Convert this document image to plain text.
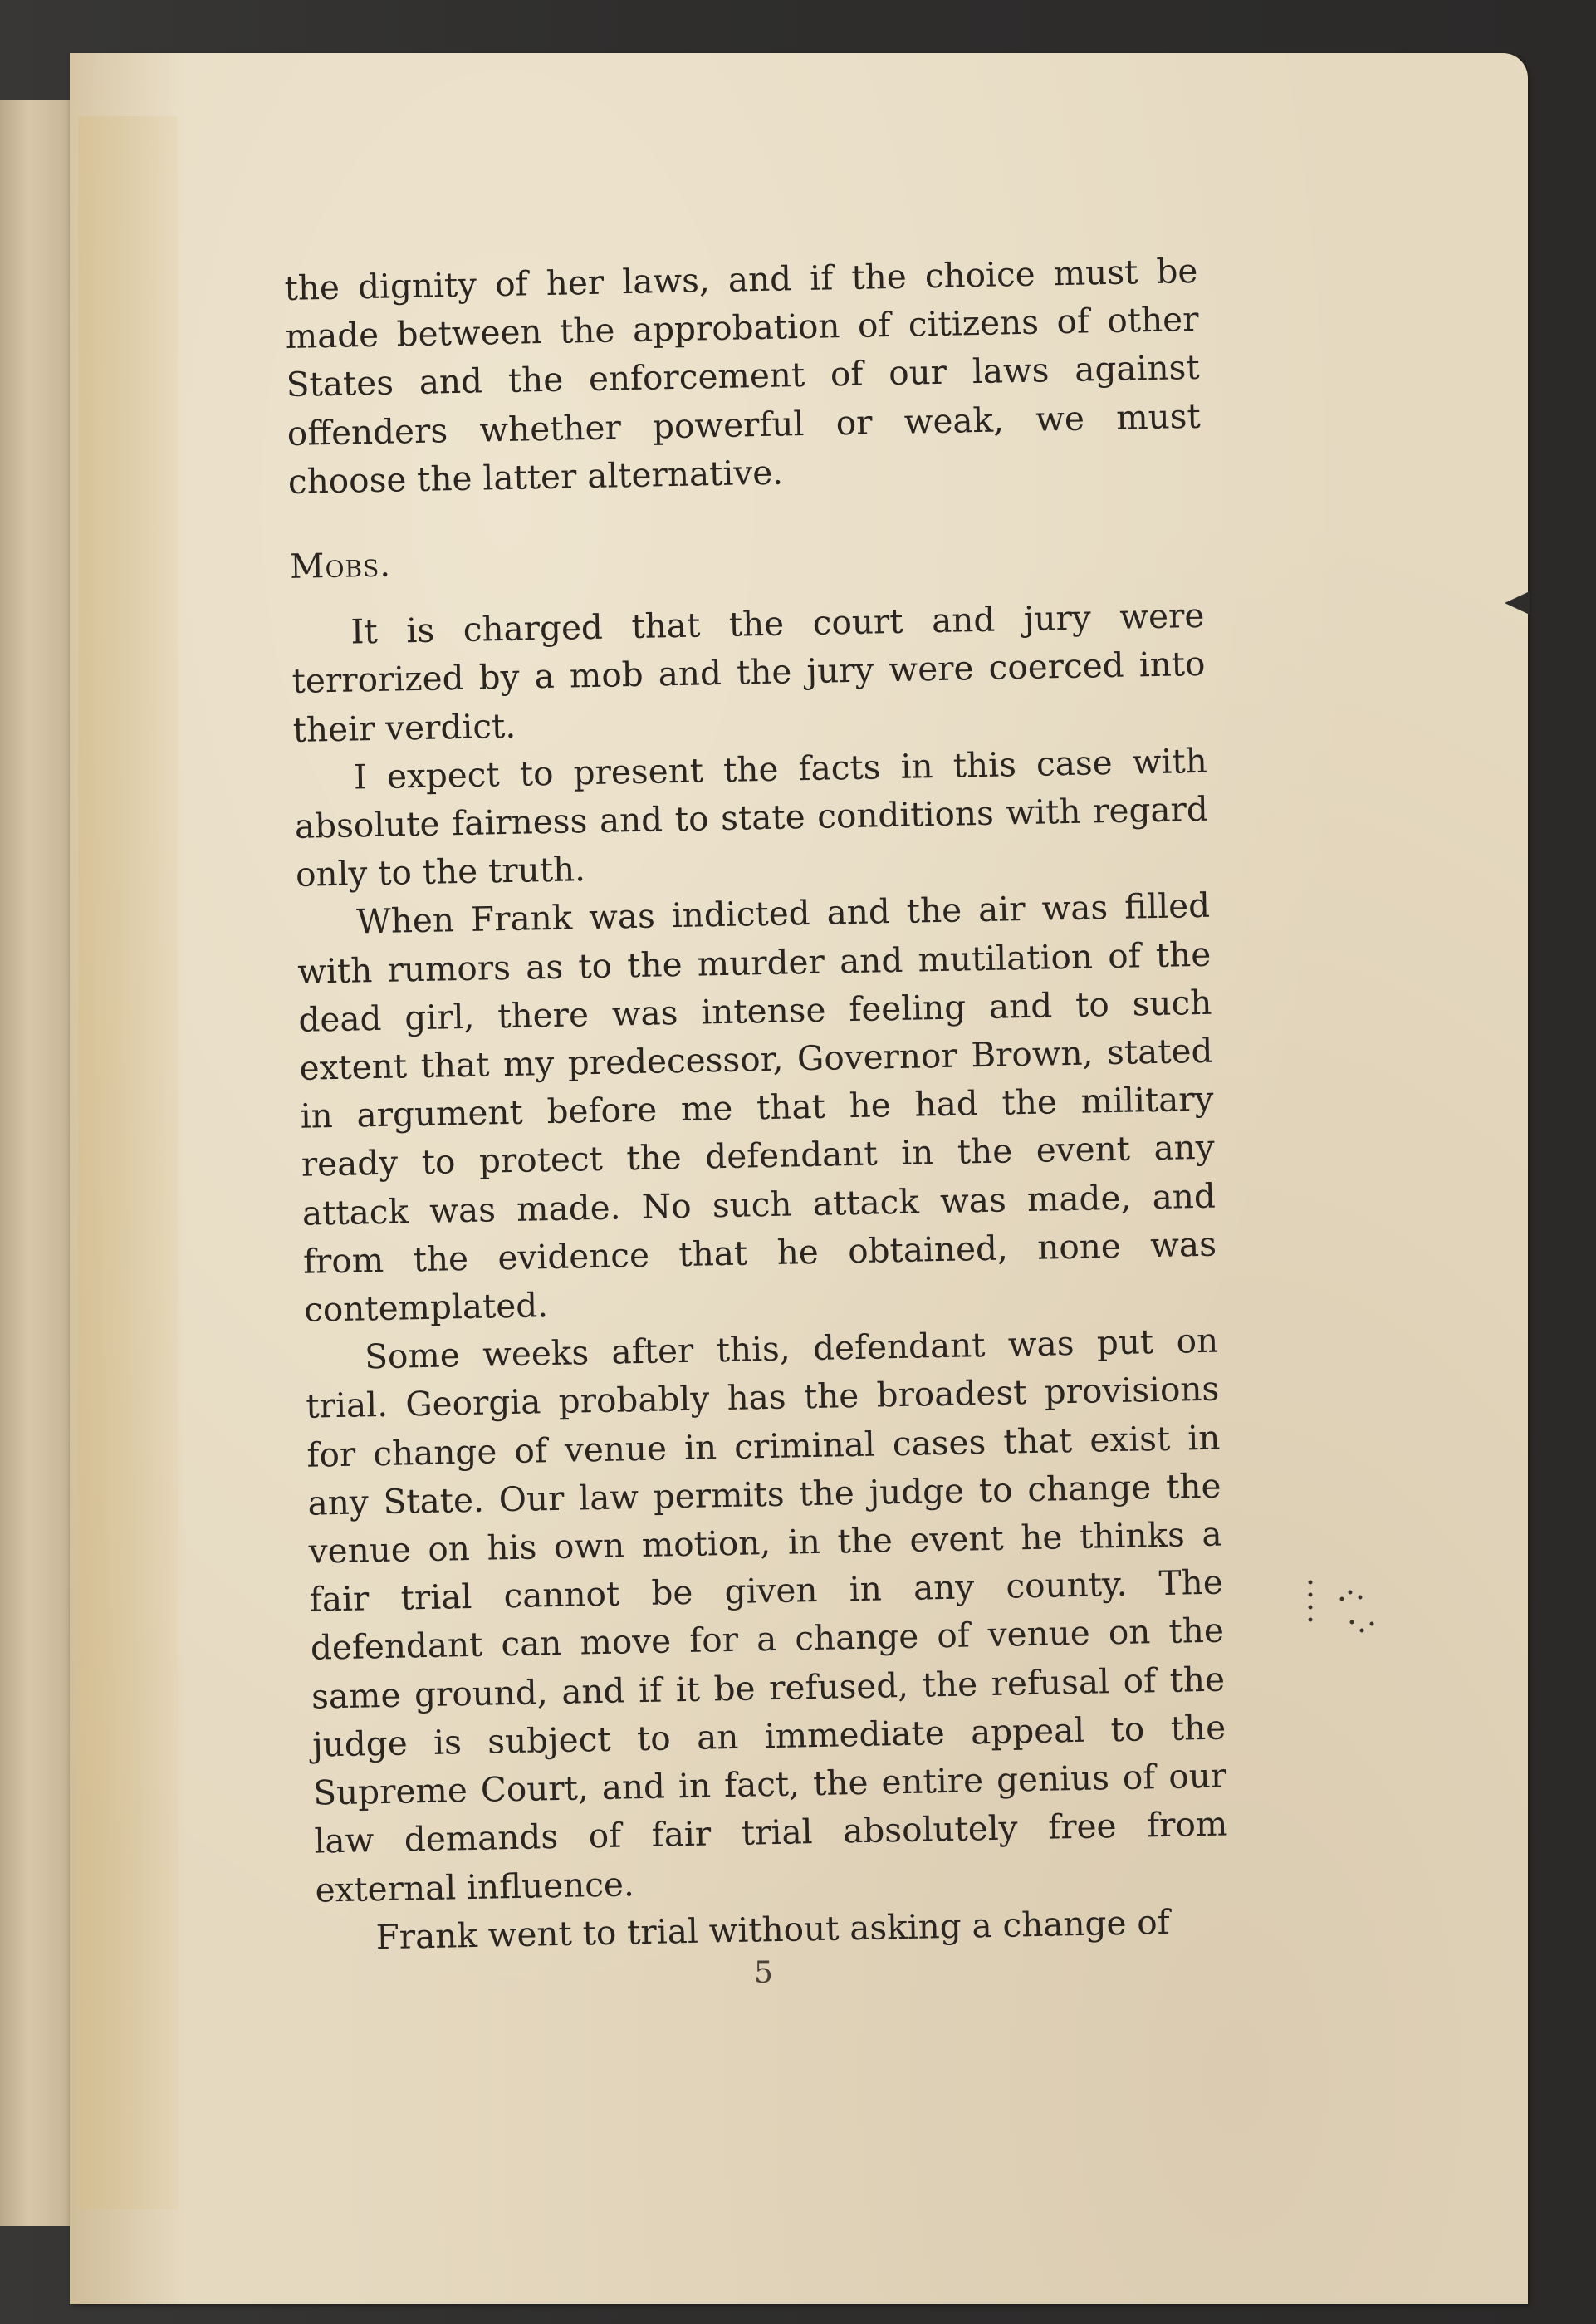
the dignity of her laws, and if the choice must be made between the approbation of citizens of other States and the enforcement of our laws against offenders whether powerful or weak, we must choose the latter alternative.

Mobs.

It is charged that the court and jury were terrorized by a mob and the jury were coerced into their verdict.

I expect to present the facts in this case with absolute fairness and to state conditions with regard only to the truth.

When Frank was indicted and the air was filled with rumors as to the murder and mutilation of the dead girl, there was intense feeling and to such extent that my predecessor, Governor Brown, stated in argument before me that he had the military ready to protect the defendant in the event any attack was made. No such attack was made, and from the evidence that he obtained, none was contemplated.

Some weeks after this, defendant was put on trial. Georgia probably has the broadest provisions for change of venue in criminal cases that exist in any State. Our law permits the judge to change the venue on his own motion, in the event he thinks a fair trial cannot be given in any county. The defendant can move for a change of venue on the same ground, and if it be refused, the refusal of the judge is subject to an immediate appeal to the Supreme Court, and in fact, the entire genius of our law demands of fair trial absolutely free from external influence.

Frank went to trial without asking a change of

5
